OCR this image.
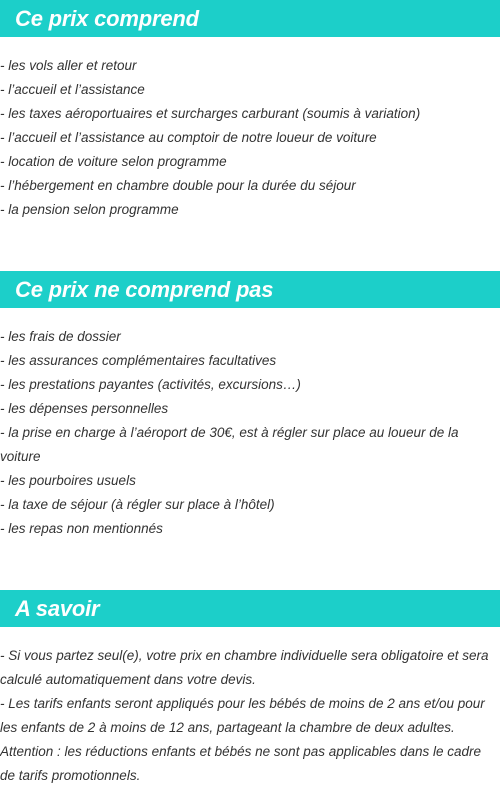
Ce prix comprend
- les vols aller et retour
- l’accueil et l’assistance
- les taxes aéroportuaires et surcharges carburant (soumis à variation)
- l’accueil et l’assistance au comptoir de notre loueur de voiture
- location de voiture selon programme
- l’hébergement en chambre double pour la durée du séjour
- la pension selon programme
Ce prix ne comprend pas
- les frais de dossier
- les assurances complémentaires facultatives
- les prestations payantes (activités, excursions…)
- les dépenses personnelles
- la prise en charge à l’aéroport de 30€, est à régler sur place au loueur de la voiture
- les pourboires usuels
- la taxe de séjour (à régler sur place à l’hôtel)
- les repas non mentionnés
A savoir
- Si vous partez seul(e), votre prix en chambre individuelle sera obligatoire et sera calculé automatiquement dans votre devis.
- Les tarifs enfants seront appliqués pour les bébés de moins de 2 ans et/ou pour les enfants de 2 à moins de 12 ans, partageant la chambre de deux adultes.
Attention : les réductions enfants et bébés ne sont pas applicables dans le cadre de tarifs promotionnels.
